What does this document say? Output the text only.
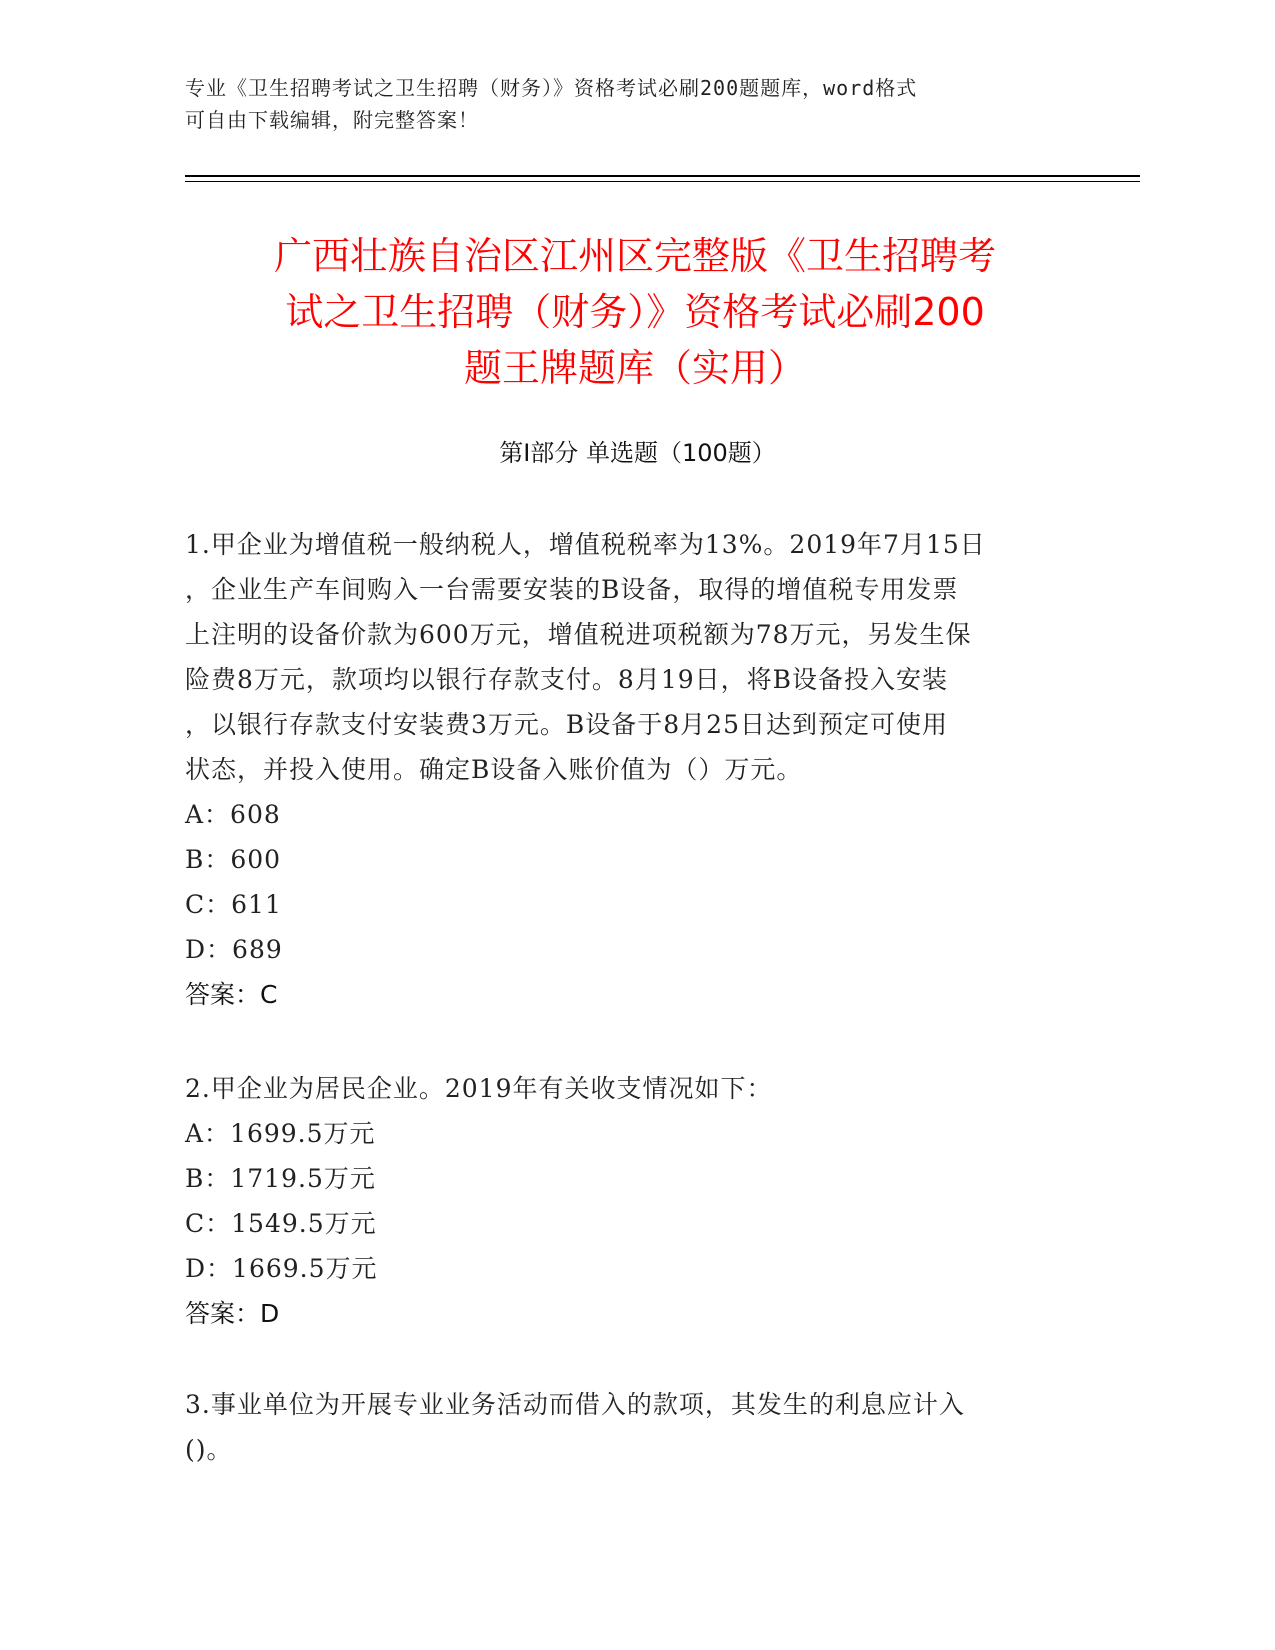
专业《卫生招聘考试之卫生招聘（财务）》资格考试必刷200题题库，word格式
可自由下载编辑，附完整答案！
广西壮族自治区江州区完整版《卫生招聘考
试之卫生招聘（财务）》资格考试必刷200
题王牌题库（实用）
第I部分 单选题（100题）

1.甲企业为增值税一般纳税人，增值税税率为13%。2019年7月15日

，企业生产车间购入一台需要安装的B设备，取得的增值税专用发票

上注明的设备价款为600万元，增值税进项税额为78万元，另发生保

险费8万元，款项均以银行存款支付。8月19日，将B设备投入安装

，以银行存款支付安装费3万元。B设备于8月25日达到预定可使用

状态，并投入使用。确定B设备入账价值为（）万元。

A：608

B：600

C：611

D：689

答案：C

2.甲企业为居民企业。2019年有关收支情况如下：

A：1699.5万元

B：1719.5万元

C：1549.5万元

D：1669.5万元

答案：D

3.事业单位为开展专业业务活动而借入的款项，其发生的利息应计入

()。
